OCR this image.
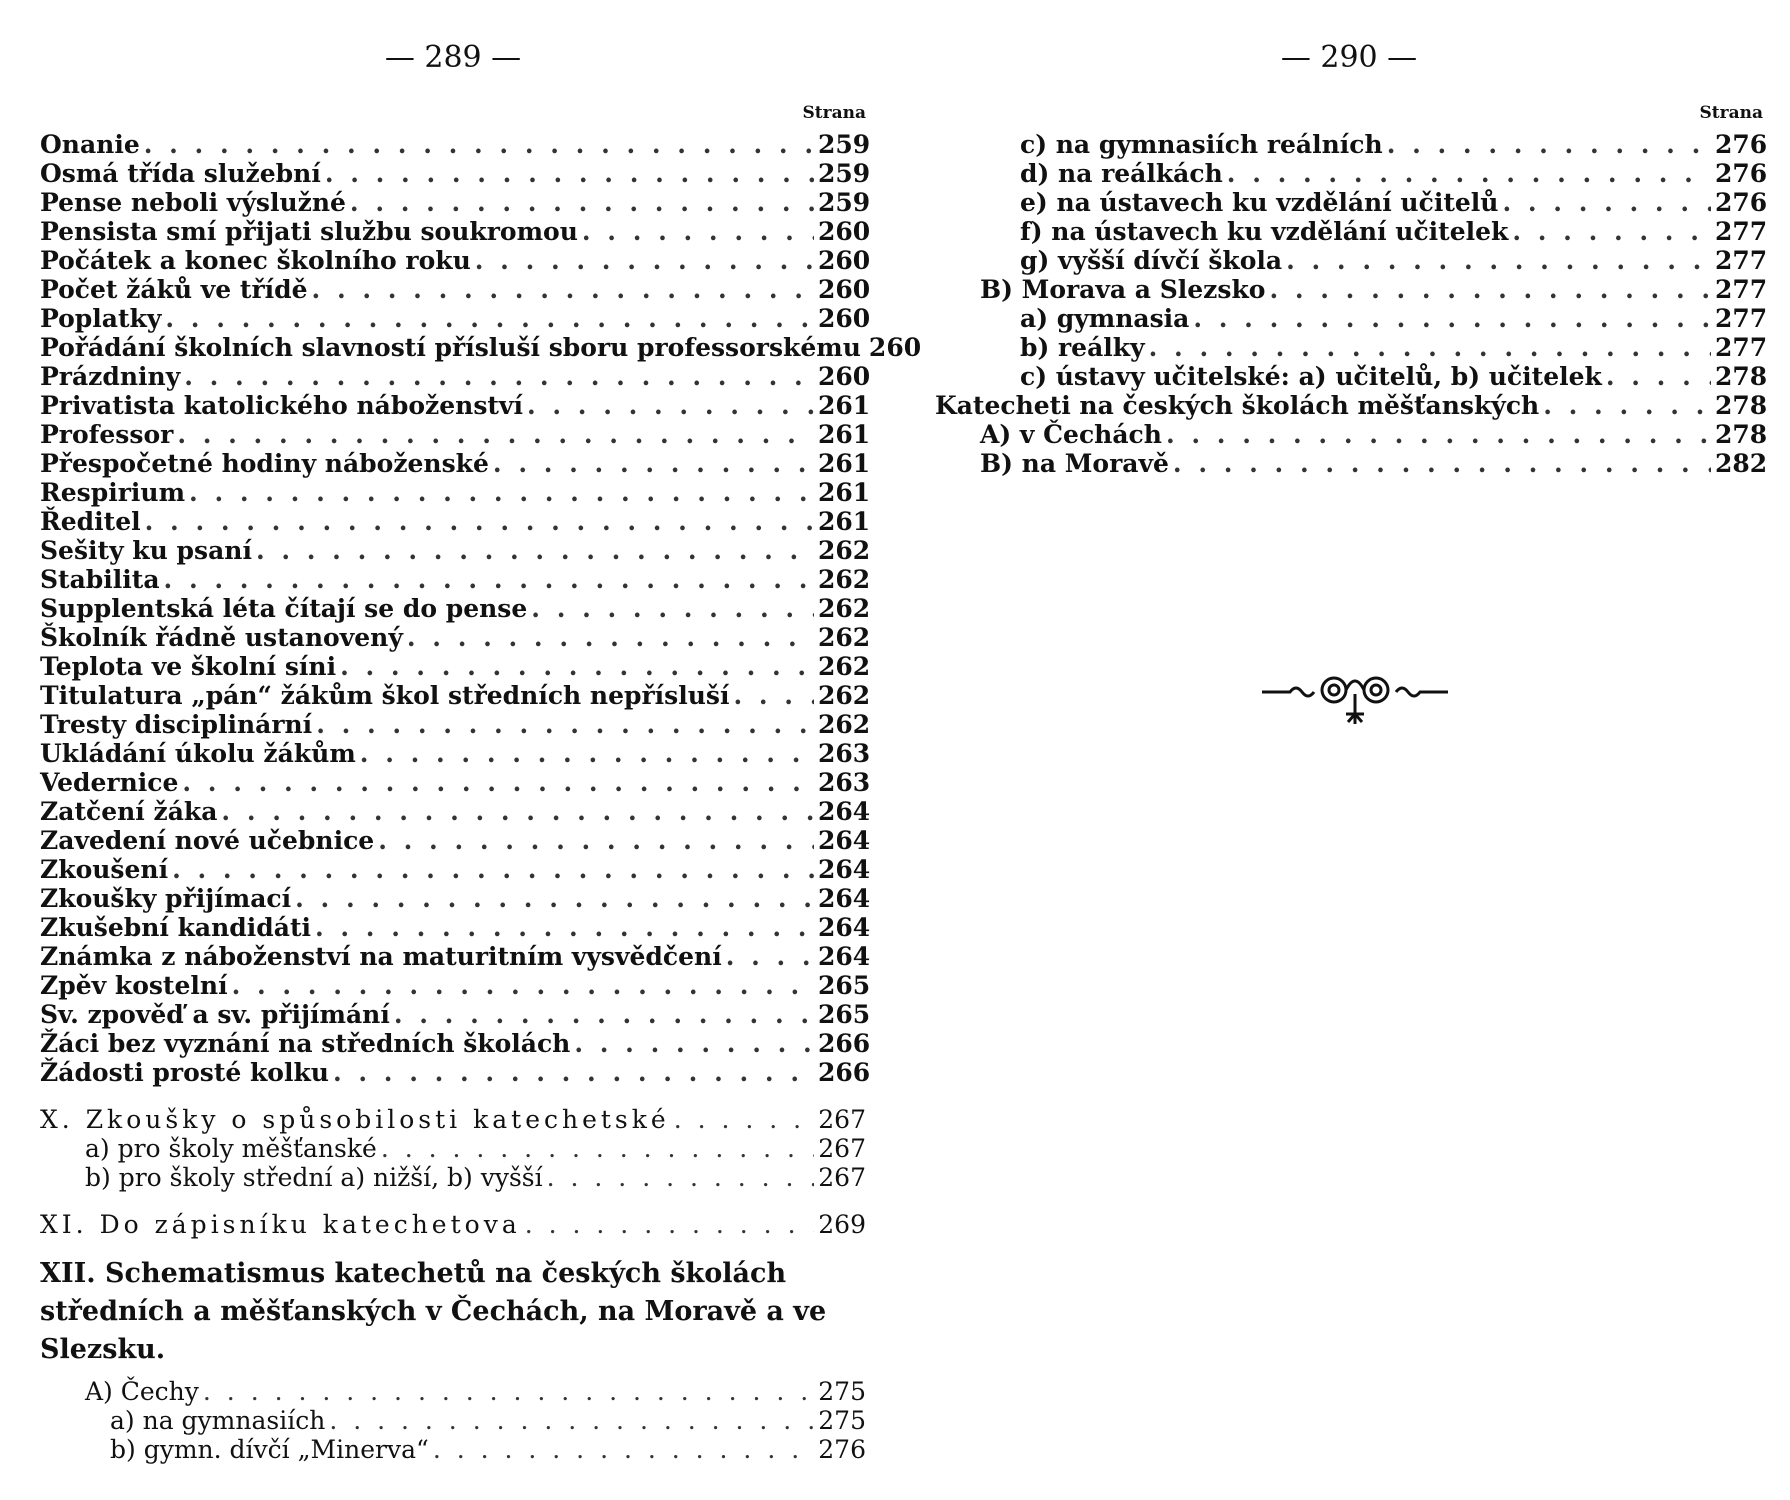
— 289 —
Strana
Onanie . . .	259
Osmá třída služební . . .	259
Pense neboli výslužné . . .	259
Pensista smí přijati službu soukromou . . .	260
Počátek a konec školního roku . . .	260
Počet žáků ve třídě . . .	260
Poplatky . . .	260
Pořádání školních slavností přísluší sboru professorskému 260
Prázdniny . . .	260
Privatista katolického náboženství . . .	261
Professor . . .	261
Přespočetné hodiny náboženské . . .	261
Respirium . . .	261
Ředitel . . .	261
Sešity ku psaní . . .	262
Stabilita . . .	262
Supplentská léta čítají se do pense . . .	262
Školník řádně ustanovený . . .	262
Teplota ve školní síni . . .	262
Titulatura „pán“ žákům škol středních nepřísluší . . .	262
Tresty disciplinární . . .	262
Ukládání úkolu žákům . . .	263
Vedernice . . .	263
Zatčení žáka . . .	264
Zavedení nové učebnice . . .	264
Zkoušení . . .	264
Zkoušky přijímací . . .	264
Zkušební kandidáti . . .	264
Známka z náboženství na maturitním vysvědčení . . .	264
Zpěv kostelní . . .	265
Sv. zpověď a sv. přijímání . . .	265
Žáci bez vyznání na středních školách . . .	266
Žádosti prosté kolku . . .	266
X. Zkoušky o spůsobilosti katechetské . . .	267
a) pro školy měšťanské . . .	267
b) pro školy střední a) nižší, b) vyšší . . .	267
XI. Do zápisníku katechetova . . .	269
XII. Schematismus katechetů na českých školách středních a měšťanských v Čechách, na Moravě a ve Slezsku.
A) Čechy . . .	275
a) na gymnasiích . . .	275
b) gymn. dívčí „Minerva“ . . .	276
— 290 —
Strana
c) na gymnasiích reálních . . .	276
d) na reálkách . . .	276
e) na ústavech ku vzdělání učitelů . . .	276
f) na ústavech ku vzdělání učitelek . . .	277
g) vyšší dívčí škola . . .	277
B) Morava a Slezsko . . .	277
a) gymnasia . . .	277
b) reálky . . .	277
c) ústavy učitelské: a) učitelů, b) učitelek . . .	278
Katecheti na českých školách měšťanských . . .	278
A) v Čechách . . .	278
B) na Moravě . . .	282
